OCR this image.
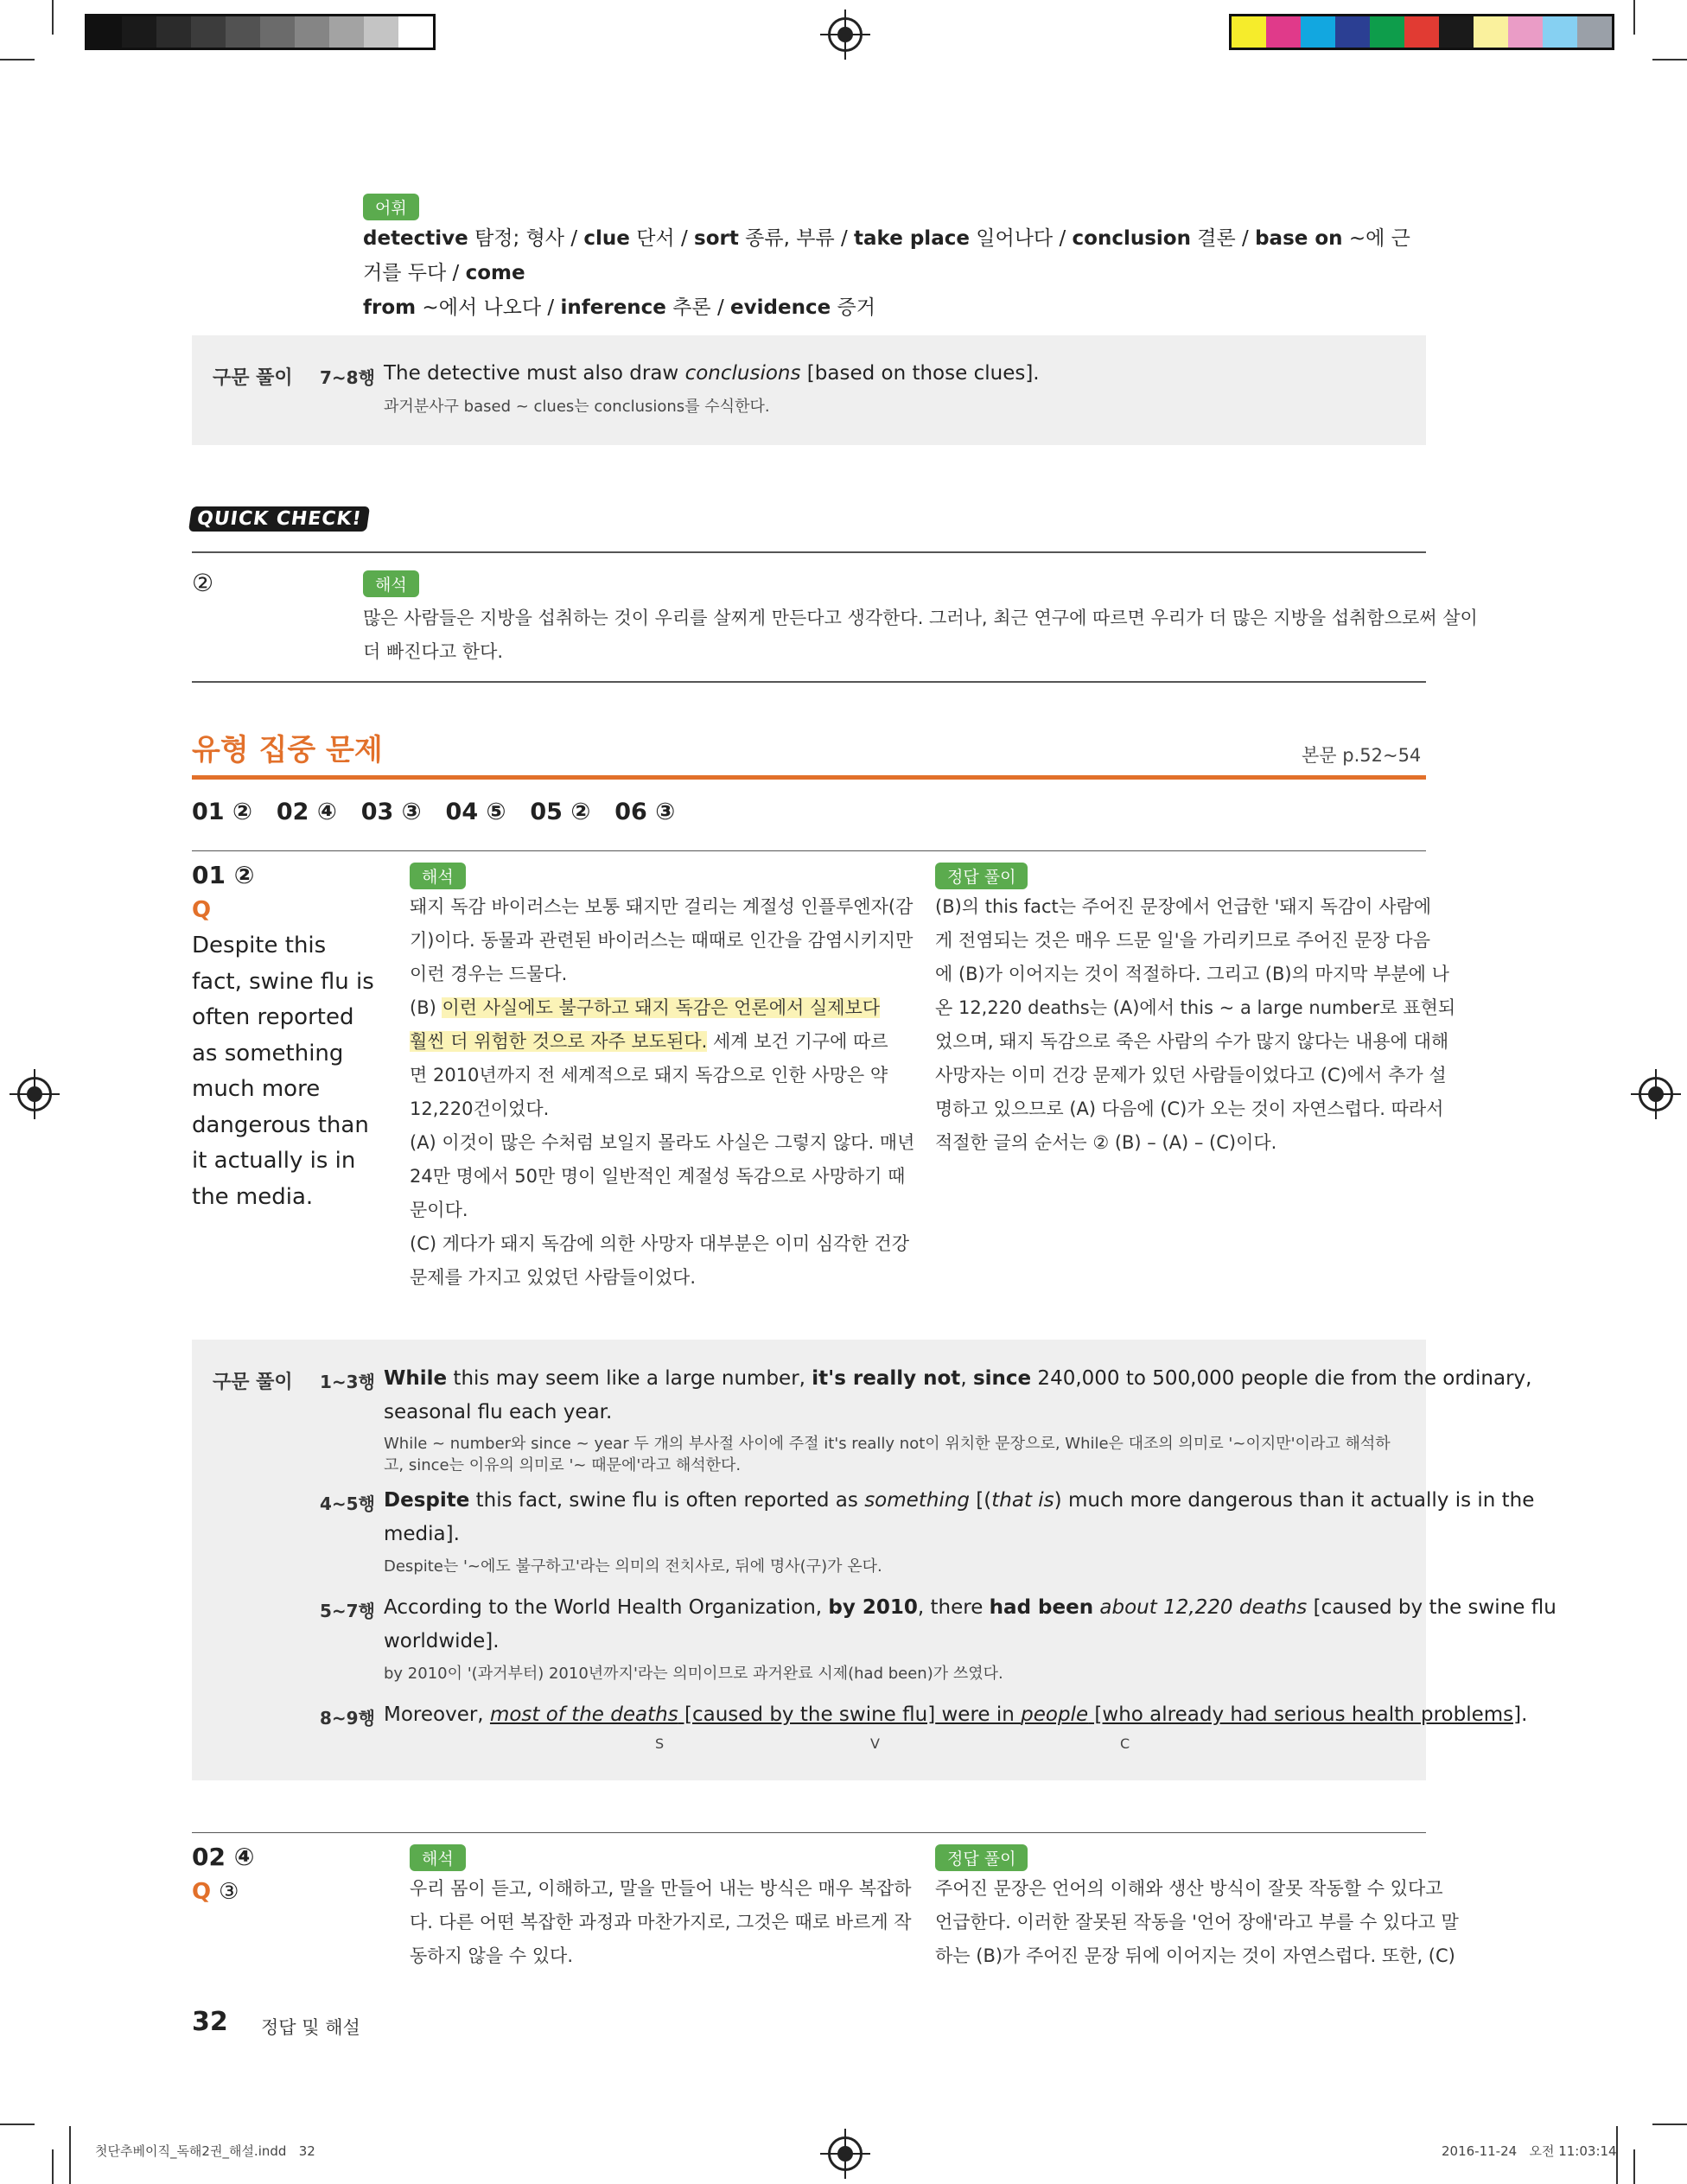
어휘
detective 탐정; 형사 / clue 단서 / sort 종류, 부류 / take place 일어나다 / conclusion 결론 / base on ~에 근거를 두다 / come
from ~에서 나오다 / inference 추론 / evidence 증거
구문 풀이 7~8행 The detective must also draw conclusions [based on those clues].
과거분사구 based ~ clues는 conclusions를 수식한다.
QUICK CHECK!
②	해석
많은 사람들은 지방을 섭취하는 것이 우리를 살찌게 만든다고 생각한다. 그러나, 최근 연구에 따르면 우리가 더 많은 지방을 섭취함으로써 살이
더 빠진다고 한다.
유형 집중 문제	본문 p.52~54
01 ② 02 ④ 03 ③ 04 ⑤ 05 ② 06 ③
01 ②
Q
Despite this
fact, swine flu is
often reported
as something
much more
dangerous than
it actually is in
the media.
해석
돼지 독감 바이러스는 보통 돼지만 걸리는 계절성 인플루엔자(감
기)이다. 동물과 관련된 바이러스는 때때로 인간을 감염시키지만
이런 경우는 드물다.
(B) 이런 사실에도 불구하고 돼지 독감은 언론에서 실제보다
훨씬 더 위험한 것으로 자주 보도된다. 세계 보건 기구에 따르
면 2010년까지 전 세계적으로 돼지 독감으로 인한 사망은 약
12,220건이었다.
(A) 이것이 많은 수처럼 보일지 몰라도 사실은 그렇지 않다. 매년
24만 명에서 50만 명이 일반적인 계절성 독감으로 사망하기 때
문이다.
(C) 게다가 돼지 독감에 의한 사망자 대부분은 이미 심각한 건강
문제를 가지고 있었던 사람들이었다.
정답 풀이
(B)의 this fact는 주어진 문장에서 언급한 '돼지 독감이 사람에
게 전염되는 것은 매우 드문 일'을 가리키므로 주어진 문장 다음
에 (B)가 이어지는 것이 적절하다. 그리고 (B)의 마지막 부분에 나
온 12,220 deaths는 (A)에서 this ~ a large number로 표현되
었으며, 돼지 독감으로 죽은 사람의 수가 많지 않다는 내용에 대해
사망자는 이미 건강 문제가 있던 사람들이었다고 (C)에서 추가 설
명하고 있으므로 (A) 다음에 (C)가 오는 것이 자연스럽다. 따라서
적절한 글의 순서는 ② (B) – (A) – (C)이다.
구문 풀이 1~3행 While this may seem like a large number, it's really not, since 240,000 to 500,000 people die from the ordinary,
seasonal flu each year.
While ~ number와 since ~ year 두 개의 부사절 사이에 주절 it's really not이 위치한 문장으로, While은 대조의 의미로 '~이지만'이라고 해석하
고, since는 이유의 의미로 '~ 때문에'라고 해석한다.
4~5행 Despite this fact, swine flu is often reported as something [(that is) much more dangerous than it actually is in the
media].
Despite는 '~에도 불구하고'라는 의미의 전치사로, 뒤에 명사(구)가 온다.
5~7행 According to the World Health Organization, by 2010, there had been about 12,220 deaths [caused by the swine flu
worldwide].
by 2010이 '(과거부터) 2010년까지'라는 의미이므로 과거완료 시제(had been)가 쓰였다.
8~9행 Moreover, most of the deaths [caused by the swine flu] were in people [who already had serious health problems].
S	V	C
02 ④
Q ③
해석
우리 몸이 듣고, 이해하고, 말을 만들어 내는 방식은 매우 복잡하
다. 다른 어떤 복잡한 과정과 마찬가지로, 그것은 때로 바르게 작
동하지 않을 수 있다.
정답 풀이
주어진 문장은 언어의 이해와 생산 방식이 잘못 작동할 수 있다고
언급한다. 이러한 잘못된 작동을 '언어 장애'라고 부를 수 있다고 말
하는 (B)가 주어진 문장 뒤에 이어지는 것이 자연스럽다. 또한, (C)
32 정답 및 해설
첫단추베이직_독해2권_해설.indd   32	2016-11-24   오전 11:03:14
